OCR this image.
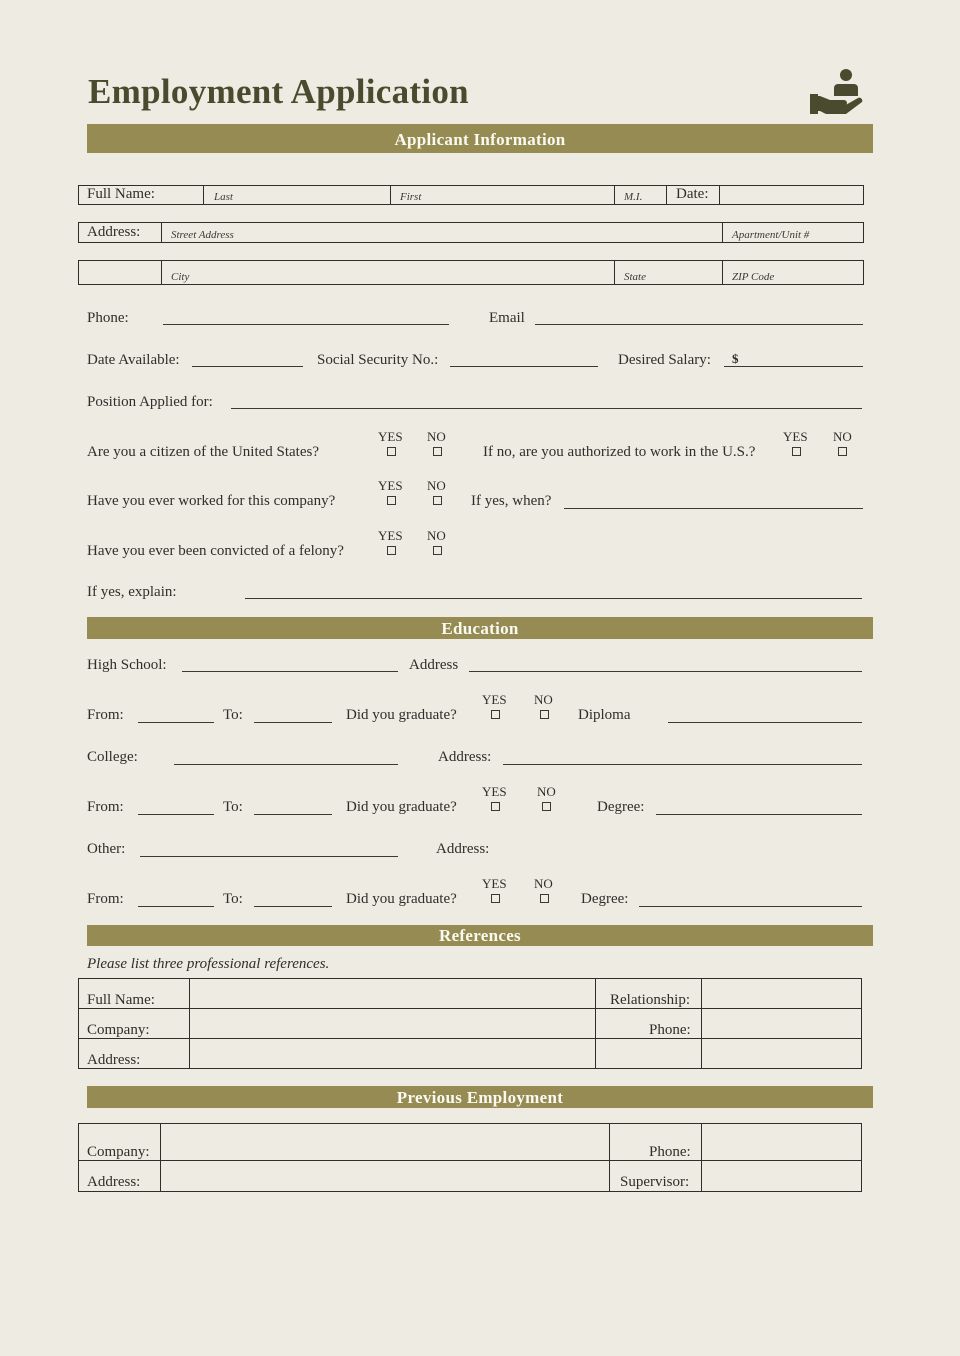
Employment Application
Applicant Information
Full Name:	Last	First	M.I. Date:
Address:	Street Address	Apartment/Unit #
City	State	ZIP Code
Phone:	Email
Date Available:	Social Security No.:	Desired Salary: $
Position Applied for:
Are you a citizen of the United States?
YES NO
If no, are you authorized to work in the U.S.?
YES NO
Have you ever worked for this company?
YES NO
If yes, when?
Have you ever been convicted of a felony?
YES NO
If yes, explain:
Education
High School:	Address
From:	To:	Did you graduate?
YES NO
Diploma
College:	Address:
From:	To:	Did you graduate?
YES NO
Degree:
Other:	Address:
From:	To:	Did you graduate?
YES NO
Degree:
References
Please list three professional references.
Full Name:	Relationship:
Company:	Phone:
Address:
Previous Employment
Company:	Phone:
Address:	Supervisor:
